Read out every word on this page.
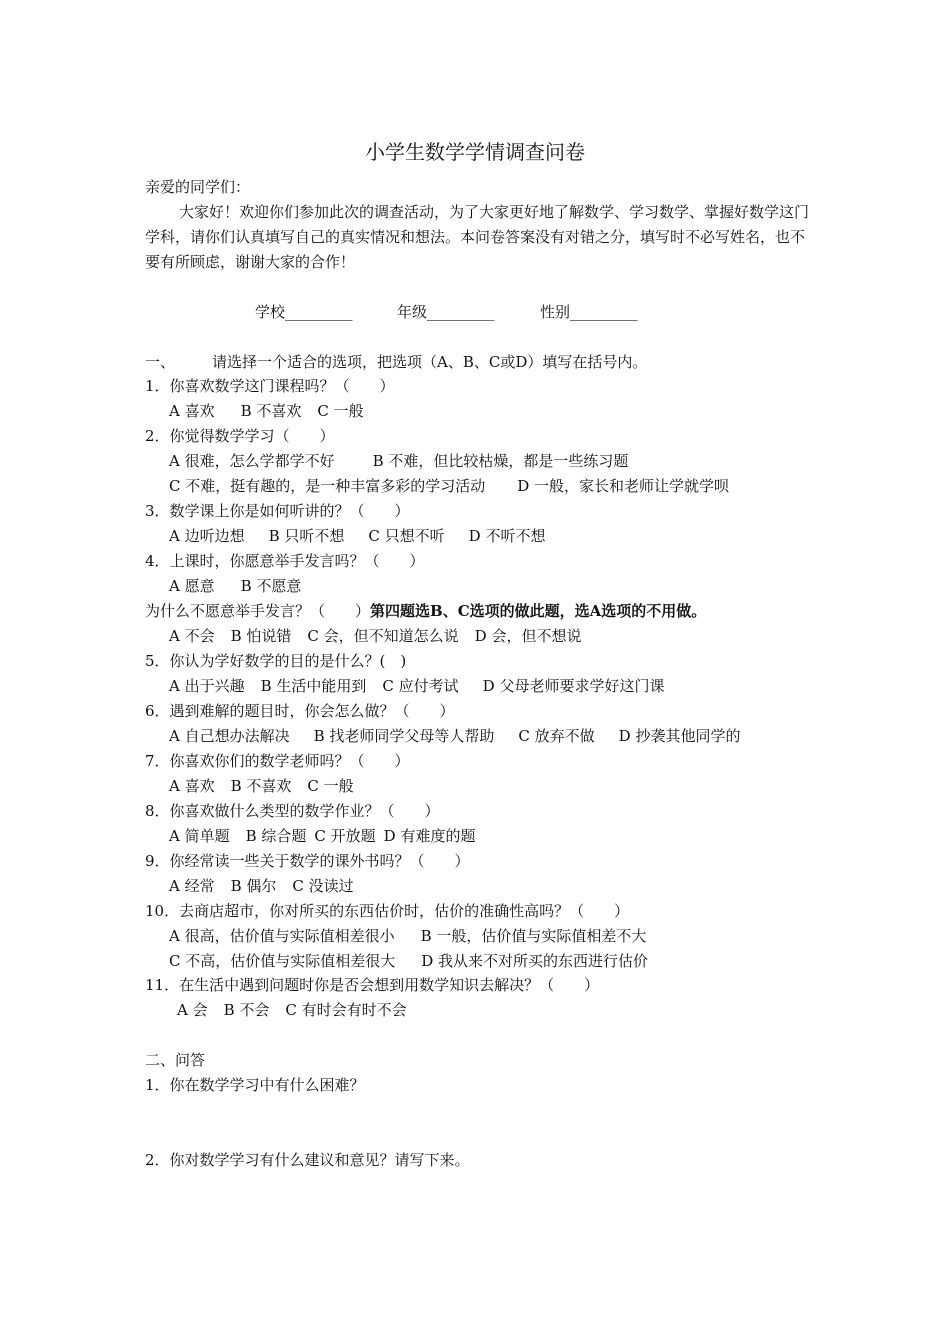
小学生数学学情调查问卷
亲爱的同学们：
大家好！欢迎你们参加此次的调查活动，为了大家更好地了解数学、学习数学、掌握好数学这门学科，请你们认真填写自己的真实情况和想法。本问卷答案没有对错之分，填写时不必写姓名，也不要有所顾虑，谢谢大家的合作！
学校_________	年级_________	性别_________
一、 请选择一个适合的选项，把选项（A、B、C或D）填写在括号内。
1．你喜欢数学这门课程吗？（　　）
A 喜欢 B 不喜欢 C 一般
2．你觉得数学学习（　　）
A 很难，怎么学都学不好	B 不难，但比较枯燥，都是一些练习题
C 不难，挺有趣的，是一种丰富多彩的学习活动 D 一般，家长和老师让学就学呗
3．数学课上你是如何听讲的？（　　）
A 边听边想 B 只听不想 C 只想不听 D 不听不想
4．上课时，你愿意举手发言吗？（　　）
A 愿意 B 不愿意
为什么不愿意举手发言？（　　）第四题选B、C选项的做此题，选A选项的不用做。
A 不会 B 怕说错 C 会，但不知道怎么说 D 会，但不想说
5．你认为学好数学的目的是什么？(　)
A 出于兴趣 B 生活中能用到 C 应付考试 D 父母老师要求学好这门课
6．遇到难解的题目时，你会怎么做？（　　）
A 自己想办法解决 B 找老师同学父母等人帮助 C 放弃不做 D 抄袭其他同学的
7．你喜欢你们的数学老师吗？（　　）
A 喜欢 B 不喜欢 C 一般
8．你喜欢做什么类型的数学作业？（　　）
A 简单题 B 综合题 C 开放题 D 有难度的题
9．你经常读一些关于数学的课外书吗？（　　）
A 经常 B 偶尔 C 没读过
10．去商店超市，你对所买的东西估价时，估价的准确性高吗？（　　）
A 很高，估价值与实际值相差很小 B 一般，估价值与实际值相差不大
C 不高，估价值与实际值相差很大 D 我从来不对所买的东西进行估价
11．在生活中遇到问题时你是否会想到用数学知识去解决？（　　）
A 会 B 不会 C 有时会有时不会
二、问答
1．你在数学学习中有什么困难？
2．你对数学学习有什么建议和意见？请写下来。
